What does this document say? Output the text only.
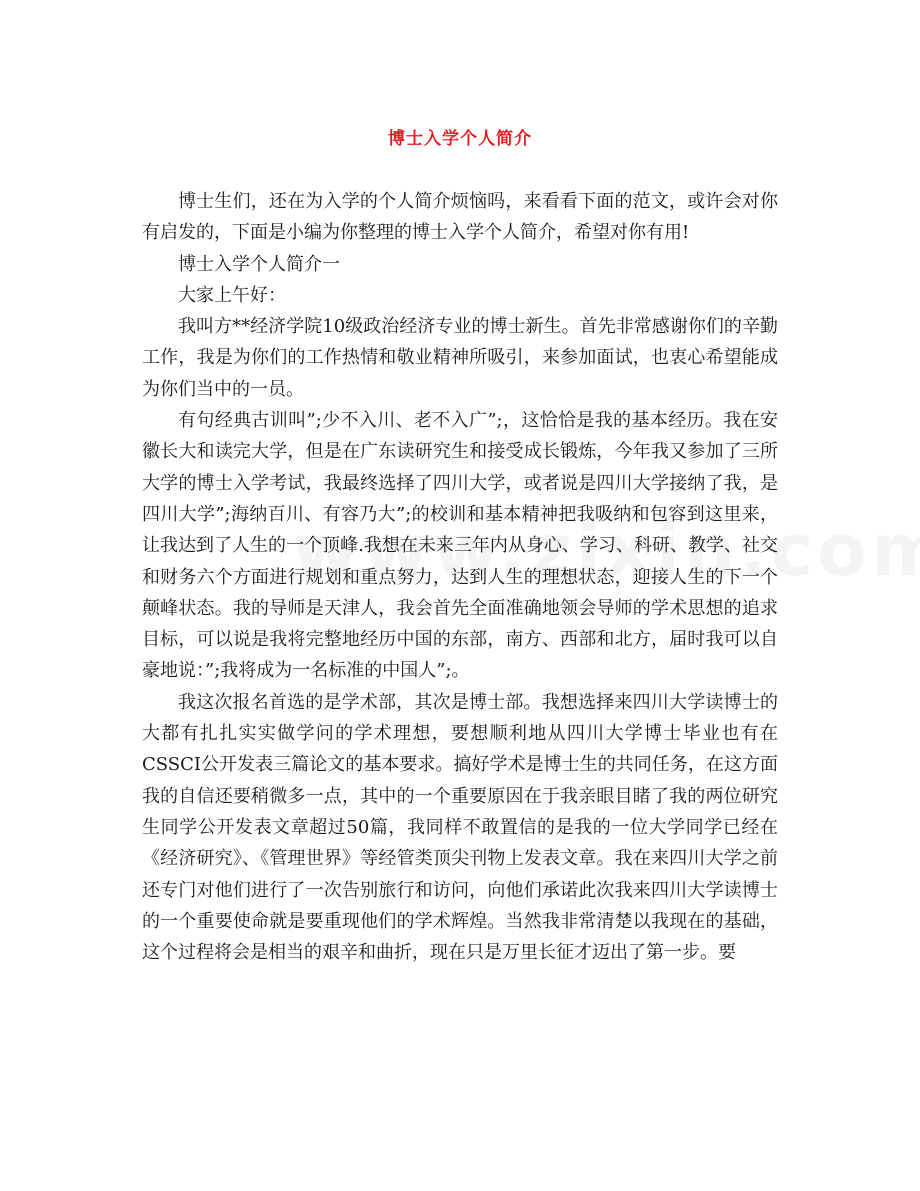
博士入学个人简介

博士生们，还在为入学的个人简介烦恼吗，来看看下面的范文，或许会对你有启发的，下面是小编为你整理的博士入学个人简介，希望对你有用!

博士入学个人简介一

大家上午好：

我叫方**经济学院10级政治经济专业的博士新生。首先非常感谢你们的辛勤工作，我是为你们的工作热情和敬业精神所吸引，来参加面试，也衷心希望能成为你们当中的一员。

有句经典古训叫”;少不入川、老不入广”;，这恰恰是我的基本经历。我在安徽长大和读完大学，但是在广东读研究生和接受成长锻炼，今年我又参加了三所大学的博士入学考试，我最终选择了四川大学，或者说是四川大学接纳了我，是四川大学”;海纳百川、有容乃大”;的校训和基本精神把我吸纳和包容到这里来，让我达到了人生的一个顶峰.我想在未来三年内从身心、学习、科研、教学、社交和财务六个方面进行规划和重点努力，达到人生的理想状态，迎接人生的下一个颠峰状态。我的导师是天津人，我会首先全面准确地领会导师的学术思想的追求目标，可以说是我将完整地经历中国的东部，南方、西部和北方，届时我可以自豪地说：”;我将成为一名标准的中国人”;。

我这次报名首选的是学术部，其次是博士部。我想选择来四川大学读博士的大都有扎扎实实做学问的学术理想，要想顺利地从四川大学博士毕业也有在CSSCI公开发表三篇论文的基本要求。搞好学术是博士生的共同任务，在这方面我的自信还要稍微多一点，其中的一个重要原因在于我亲眼目睹了我的两位研究生同学公开发表文章超过50篇，我同样不敢置信的是我的一位大学同学已经在《经济研究》、《管理世界》等经管类顶尖刊物上发表文章。我在来四川大学之前还专门对他们进行了一次告别旅行和访问，向他们承诺此次我来四川大学读博士的一个重要使命就是要重现他们的学术辉煌。当然我非常清楚以我现在的基础，这个过程将会是相当的艰辛和曲折，现在只是万里长征才迈出了第一步。要
